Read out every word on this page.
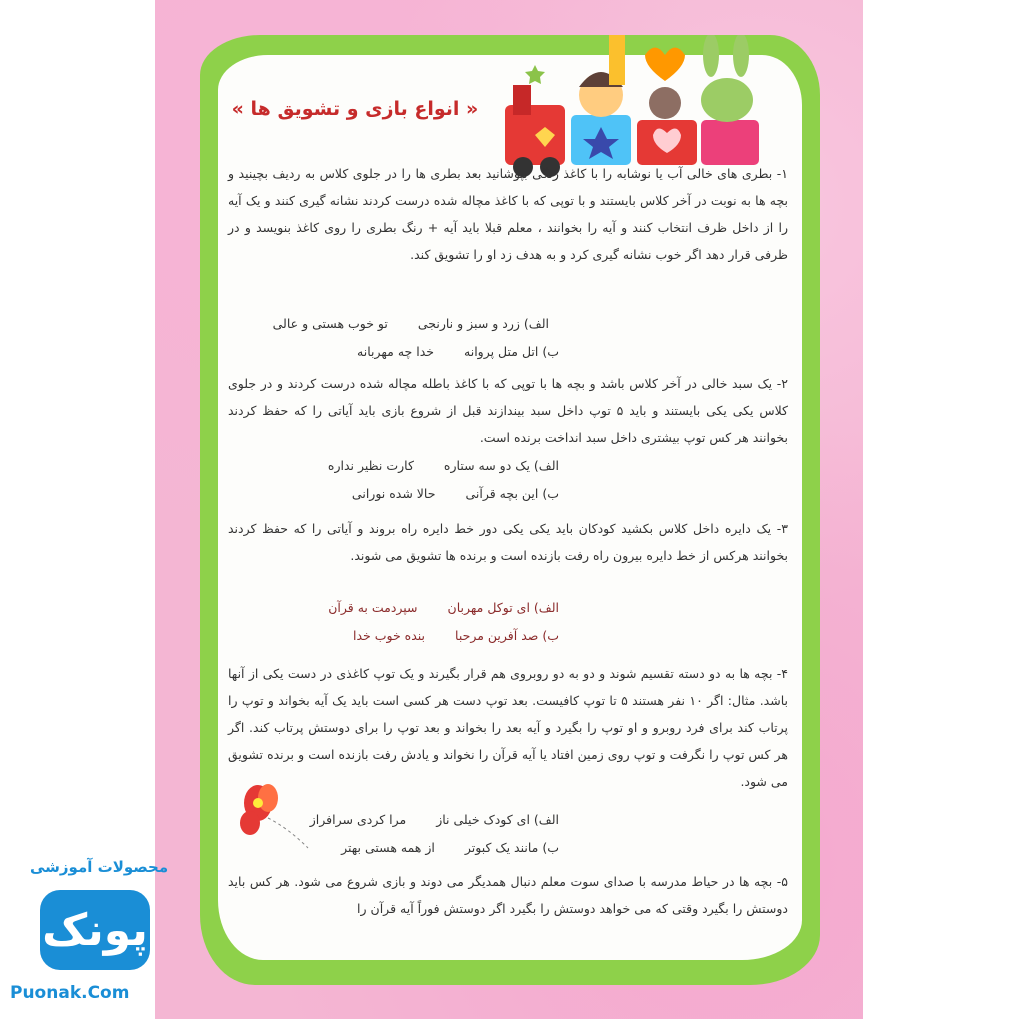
« انواع بازی و تشویق ها »
۱- بطری های خالی آب یا نوشابه را با کاغذ رنگی بپوشانید بعد بطری ها را در جلوی کلاس به ردیف بچینید و بچه ها به نوبت در آخر کلاس بایستند و با توپی که با کاغذ مچاله شده درست کردند نشانه گیری کنند و یک آیه را از داخل ظرف انتخاب کنند و آیه را بخوانند ، معلم قبلا باید آیه + رنگ بطری را روی کاغذ بنویسد و در ظرفی قرار دهد اگر خوب نشانه گیری کرد و به هدف زد او را تشویق کند.
الف) زرد و سبز و نارنجی
تو خوب هستی و عالی
ب) اتل متل پروانه
خدا چه مهربانه
۲- یک سبد خالی در آخر کلاس باشد و بچه ها با توپی که با کاغذ باطله مچاله شده درست کردند و در جلوی کلاس یکی یکی بایستند و باید ۵ توپ داخل سبد بیندازند قبل از شروع بازی باید آیاتی را که حفظ کردند بخوانند هر کس توپ بیشتری داخل سبد انداخت برنده است.
الف) یک دو سه ستاره
کارت نظیر نداره
ب) این بچه قرآنی
حالا شده نورانی
۳- یک دایره داخل کلاس بکشید کودکان باید یکی یکی دور خط دایره راه بروند و آیاتی را که حفظ کردند بخوانند هرکس از خط دایره بیرون راه رفت بازنده است و برنده ها تشویق می شوند.
الف) ای توکل مهربان
سپردمت به قرآن
ب) صد آفرین مرحبا
بنده خوب خدا
۴- بچه ها به دو دسته تقسیم شوند و دو به دو روبروی هم قرار بگیرند و یک توپ کاغذی در دست یکی از آنها باشد. مثال: اگر ۱۰ نفر هستند ۵ تا توپ کافیست. بعد توپ دست هر کسی است باید یک آیه بخواند و توپ را پرتاب کند برای فرد روبرو و او توپ را بگیرد و آیه بعد را بخواند و بعد توپ را برای دوستش پرتاب کند. اگر هر کس توپ را نگرفت و توپ روی زمین افتاد یا آیه قرآن را نخواند و یادش رفت بازنده است و برنده تشویق می شود.
الف) ای کودک خیلی ناز
مرا کردی سرافراز
ب) مانند یک کبوتر
از همه هستی بهتر
۵- بچه ها در حیاط مدرسه با صدای سوت معلم دنبال همدیگر می دوند و بازی شروع می شود. هر کس باید دوستش را بگیرد وقتی که می خواهد دوستش را بگیرد اگر دوستش فوراً آیه قرآن را
محصولات آموزشی
پونک
Puonak.Com
